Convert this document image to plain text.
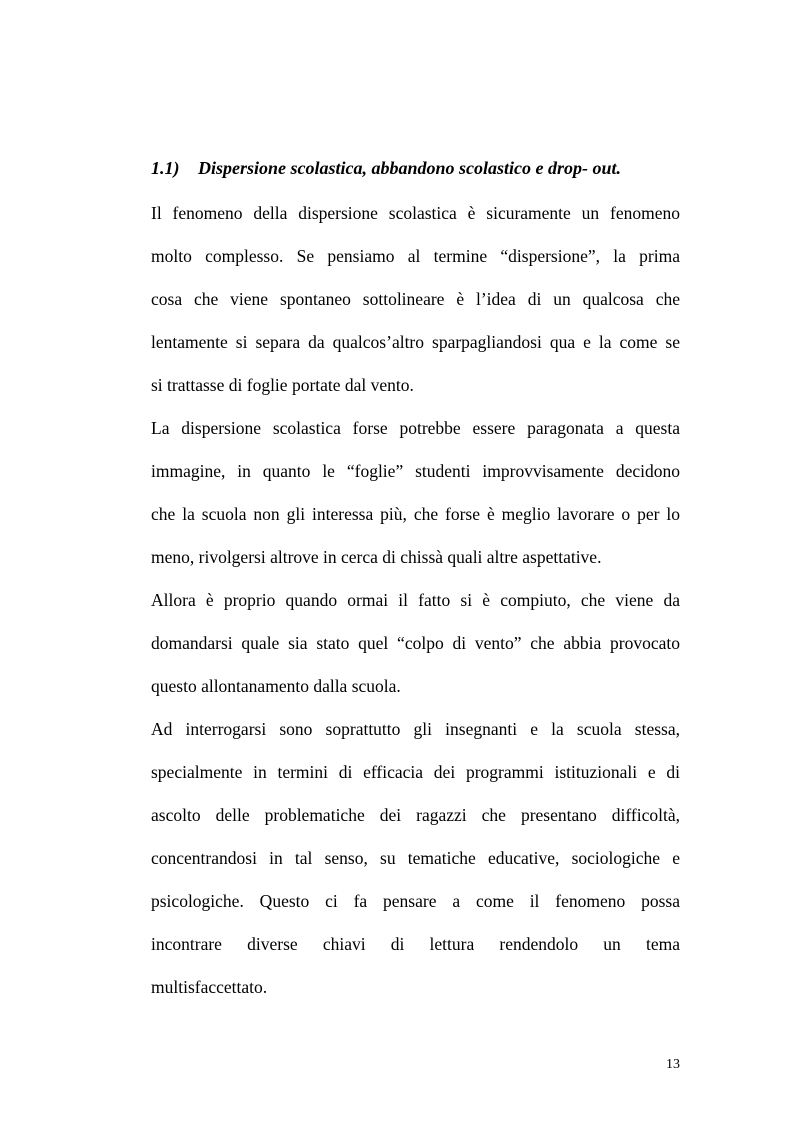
1.1) Dispersione scolastica, abbandono scolastico e drop- out.
Il fenomeno della dispersione scolastica è sicuramente un fenomeno
molto complesso. Se pensiamo al termine “dispersione”, la prima
cosa che viene spontaneo sottolineare è l’idea di un qualcosa che
lentamente si separa da qualcos’altro sparpagliandosi qua e la come se
si trattasse di foglie portate dal vento.
La dispersione scolastica forse potrebbe essere paragonata a questa
immagine, in quanto le “foglie” studenti improvvisamente decidono
che la scuola non gli interessa più, che forse è meglio lavorare o per lo
meno, rivolgersi altrove in cerca di chissà quali altre aspettative.
Allora è proprio quando ormai il fatto si è compiuto, che viene da
domandarsi quale sia stato quel “colpo di vento” che abbia provocato
questo allontanamento dalla scuola.
Ad interrogarsi sono soprattutto gli insegnanti e la scuola stessa,
specialmente in termini di efficacia dei programmi istituzionali e di
ascolto delle problematiche dei ragazzi che presentano difficoltà,
concentrandosi in tal senso, su tematiche educative, sociologiche e
psicologiche. Questo ci fa pensare a come il fenomeno possa
incontrare diverse chiavi di lettura rendendolo un tema
multisfaccettato.
13
